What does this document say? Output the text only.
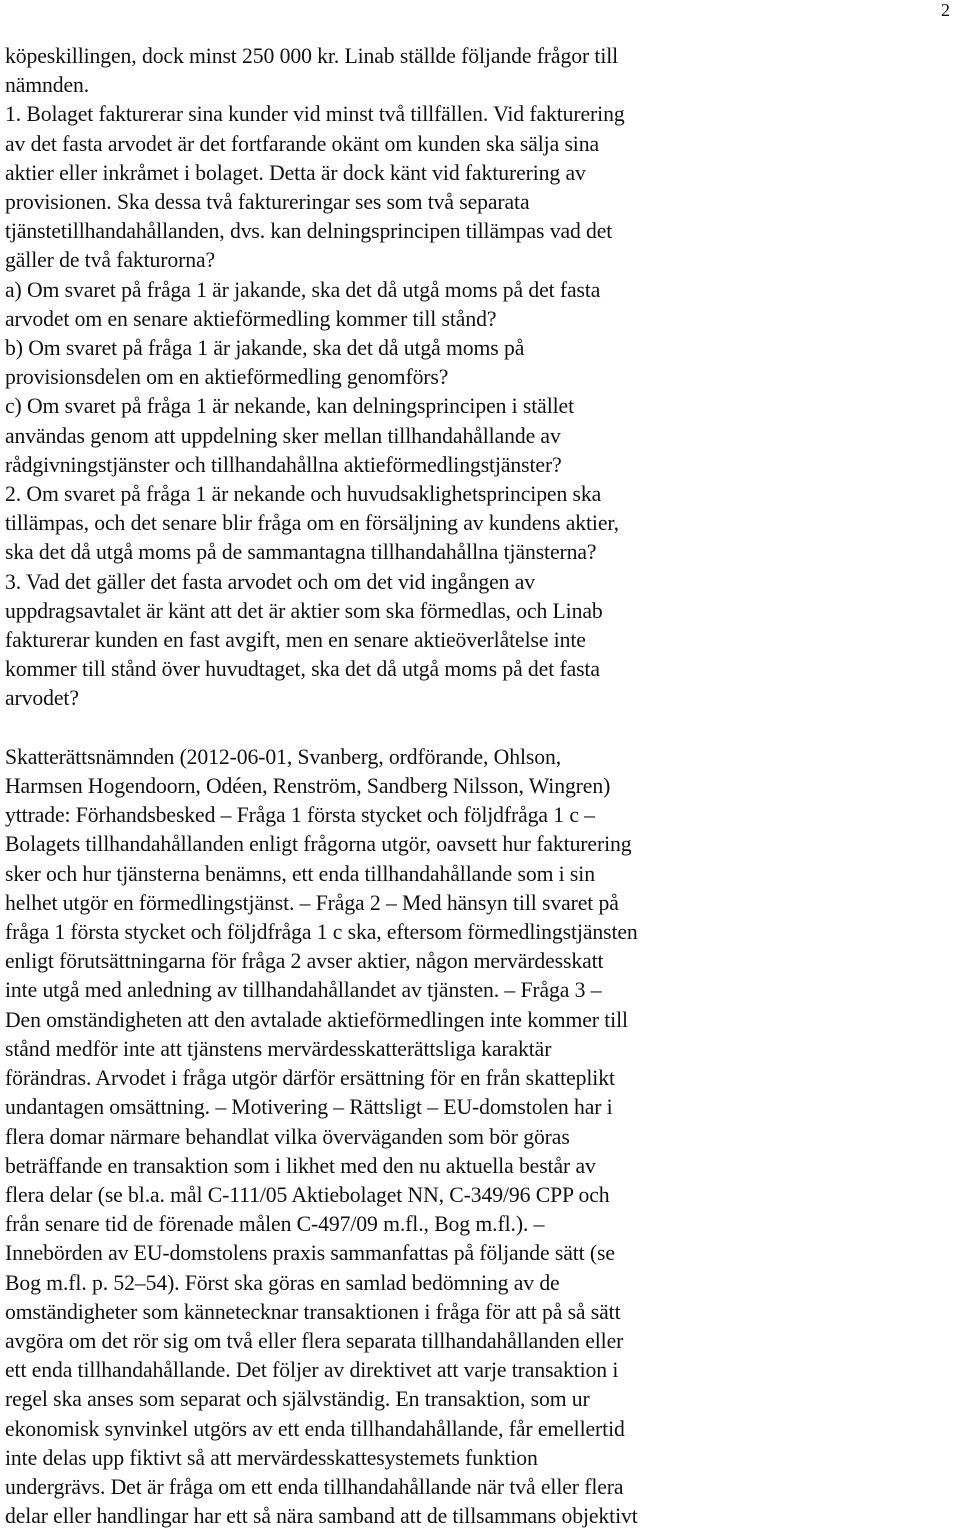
2

köpeskillingen, dock minst 250 000 kr. Linab ställde följande frågor till
nämnden.
1. Bolaget fakturerar sina kunder vid minst två tillfällen. Vid fakturering
av det fasta arvodet är det fortfarande okänt om kunden ska sälja sina
aktier eller inkråmet i bolaget. Detta är dock känt vid fakturering av
provisionen. Ska dessa två faktureringar ses som två separata
tjänstetillhandahållanden, dvs. kan delningsprincipen tillämpas vad det
gäller de två fakturorna?
a) Om svaret på fråga 1 är jakande, ska det då utgå moms på det fasta
arvodet om en senare aktieförmedling kommer till stånd?
b) Om svaret på fråga 1 är jakande, ska det då utgå moms på
provisionsdelen om en aktieförmedling genomförs?
c) Om svaret på fråga 1 är nekande, kan delningsprincipen i stället
användas genom att uppdelning sker mellan tillhandahållande av
rådgivningstjänster och tillhandahållna aktieförmedlingstjänster?
2. Om svaret på fråga 1 är nekande och huvudsaklighetsprincipen ska
tillämpas, och det senare blir fråga om en försäljning av kundens aktier,
ska det då utgå moms på de sammantagna tillhandahållna tjänsterna?
3. Vad det gäller det fasta arvodet och om det vid ingången av
uppdragsavtalet är känt att det är aktier som ska förmedlas, och Linab
fakturerar kunden en fast avgift, men en senare aktieöverlåtelse inte
kommer till stånd över huvudtaget, ska det då utgå moms på det fasta
arvodet?

Skatterättsnämnden (2012-06-01, Svanberg, ordförande, Ohlson,
Harmsen Hogendoorn, Odéen, Renström, Sandberg Nilsson, Wingren)
yttrade: Förhandsbesked – Fråga 1 första stycket och följdfråga 1 c –
Bolagets tillhandahållanden enligt frågorna utgör, oavsett hur fakturering
sker och hur tjänsterna benämns, ett enda tillhandahållande som i sin
helhet utgör en förmedlingstjänst. – Fråga 2 – Med hänsyn till svaret på
fråga 1 första stycket och följdfråga 1 c ska, eftersom förmedlingstjänsten
enligt förutsättningarna för fråga 2 avser aktier, någon mervärdesskatt
inte utgå med anledning av tillhandahållandet av tjänsten. – Fråga 3 –
Den omständigheten att den avtalade aktieförmedlingen inte kommer till
stånd medför inte att tjänstens mervärdesskatterättsliga karaktär
förändras. Arvodet i fråga utgör därför ersättning för en från skatteplikt
undantagen omsättning. – Motivering – Rättsligt – EU-domstolen har i
flera domar närmare behandlat vilka överväganden som bör göras
beträffande en transaktion som i likhet med den nu aktuella består av
flera delar (se bl.a. mål C-111/05 Aktiebolaget NN, C-349/96 CPP och
från senare tid de förenade målen C-497/09 m.fl., Bog m.fl.). –
Innebörden av EU-domstolens praxis sammanfattas på följande sätt (se
Bog m.fl. p. 52–54). Först ska göras en samlad bedömning av de
omständigheter som kännetecknar transaktionen i fråga för att på så sätt
avgöra om det rör sig om två eller flera separata tillhandahållanden eller
ett enda tillhandahållande. Det följer av direktivet att varje transaktion i
regel ska anses som separat och självständig. En transaktion, som ur
ekonomisk synvinkel utgörs av ett enda tillhandahållande, får emellertid
inte delas upp fiktivt så att mervärdesskattesystemets funktion
undergrävs. Det är fråga om ett enda tillhandahållande när två eller flera
delar eller handlingar har ett så nära samband att de tillsammans objektivt
